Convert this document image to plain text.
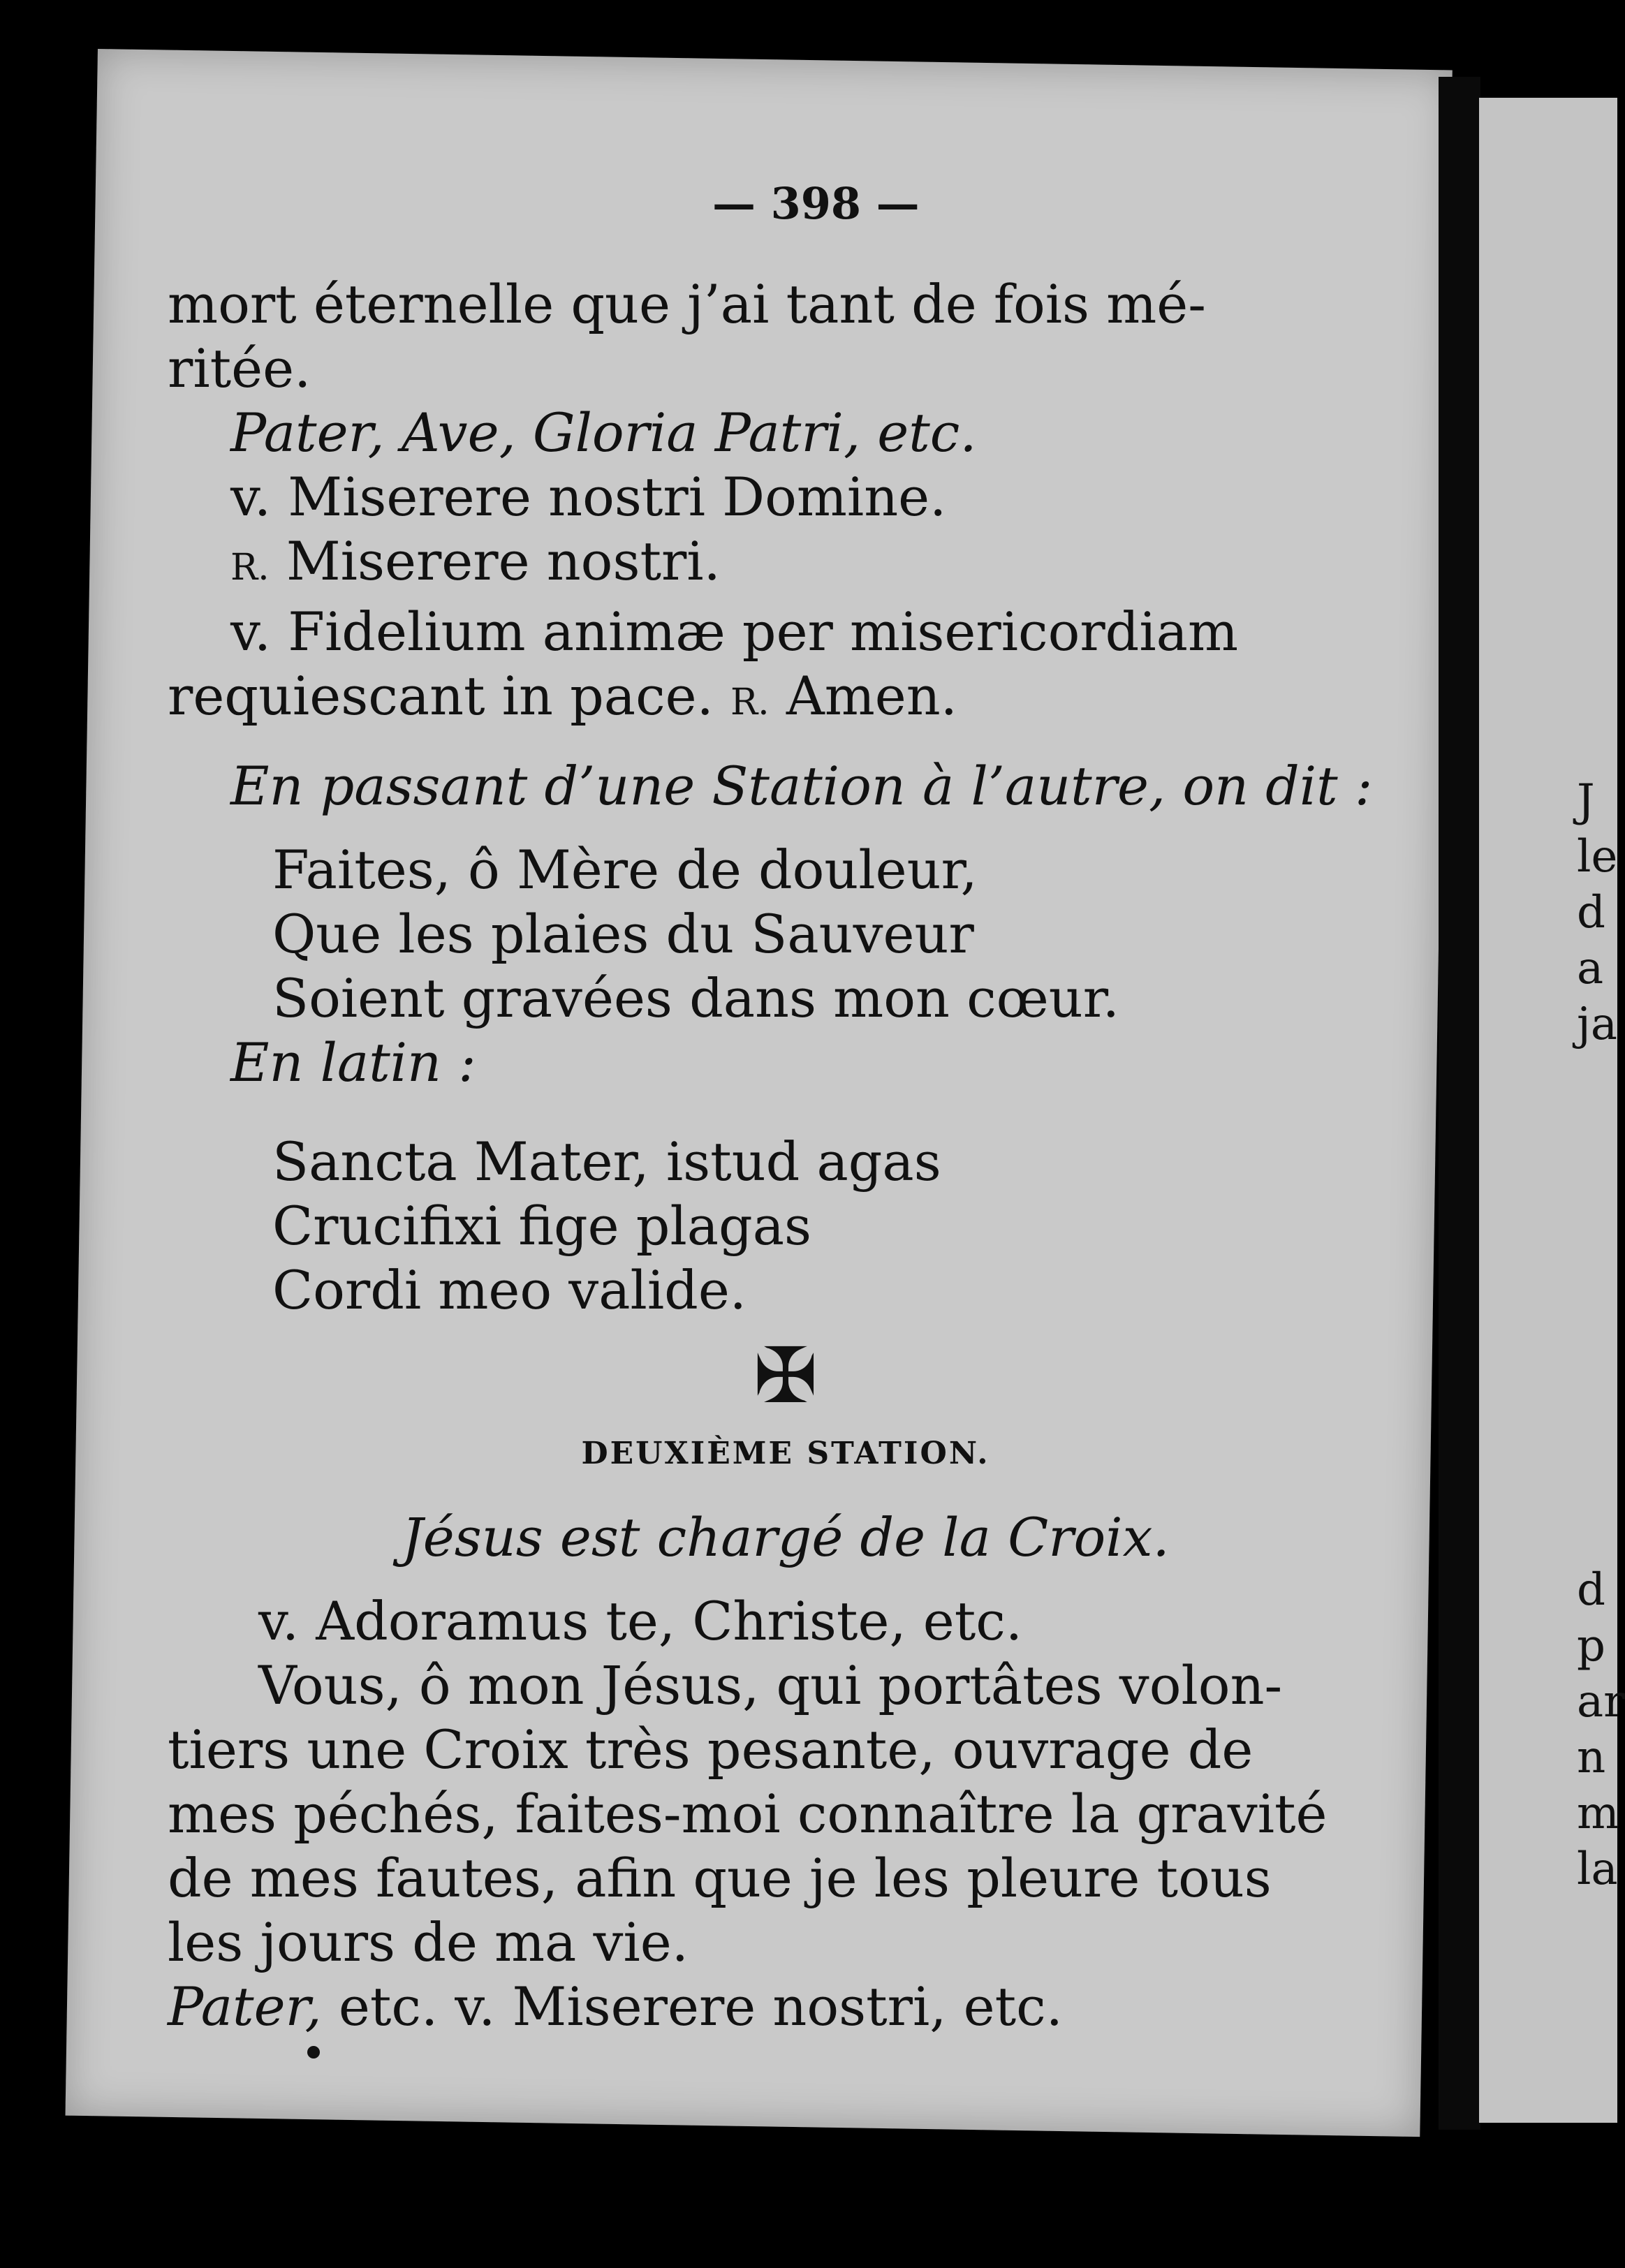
J
le
d
a
ja
d
p
ar
n
m
la
— 398 —
mort éternelle que j’ai tant de fois mé-
ritée.
Pater, Ave, Gloria Patri, etc.
v. Miserere nostri Domine.
R. Miserere nostri.
v. Fidelium animæ per misericordiam
requiescant in pace. R. Amen.
En passant d’une Station à l’autre, on dit :
Faites, ô Mère de douleur,
Que les plaies du Sauveur
Soient gravées dans mon cœur.
En latin :
Sancta Mater, istud agas
Crucifixi fige plagas
Cordi meo valide.
✠
DEUXIÈME STATION.
Jésus est chargé de la Croix.
v. Adoramus te, Christe, etc.
Vous, ô mon Jésus, qui portâtes volon-
tiers une Croix très pesante, ouvrage de
mes péchés, faites-moi connaître la gravité
de mes fautes, afin que je les pleure tous
les jours de ma vie.
Pater, etc. v. Miserere nostri, etc.
